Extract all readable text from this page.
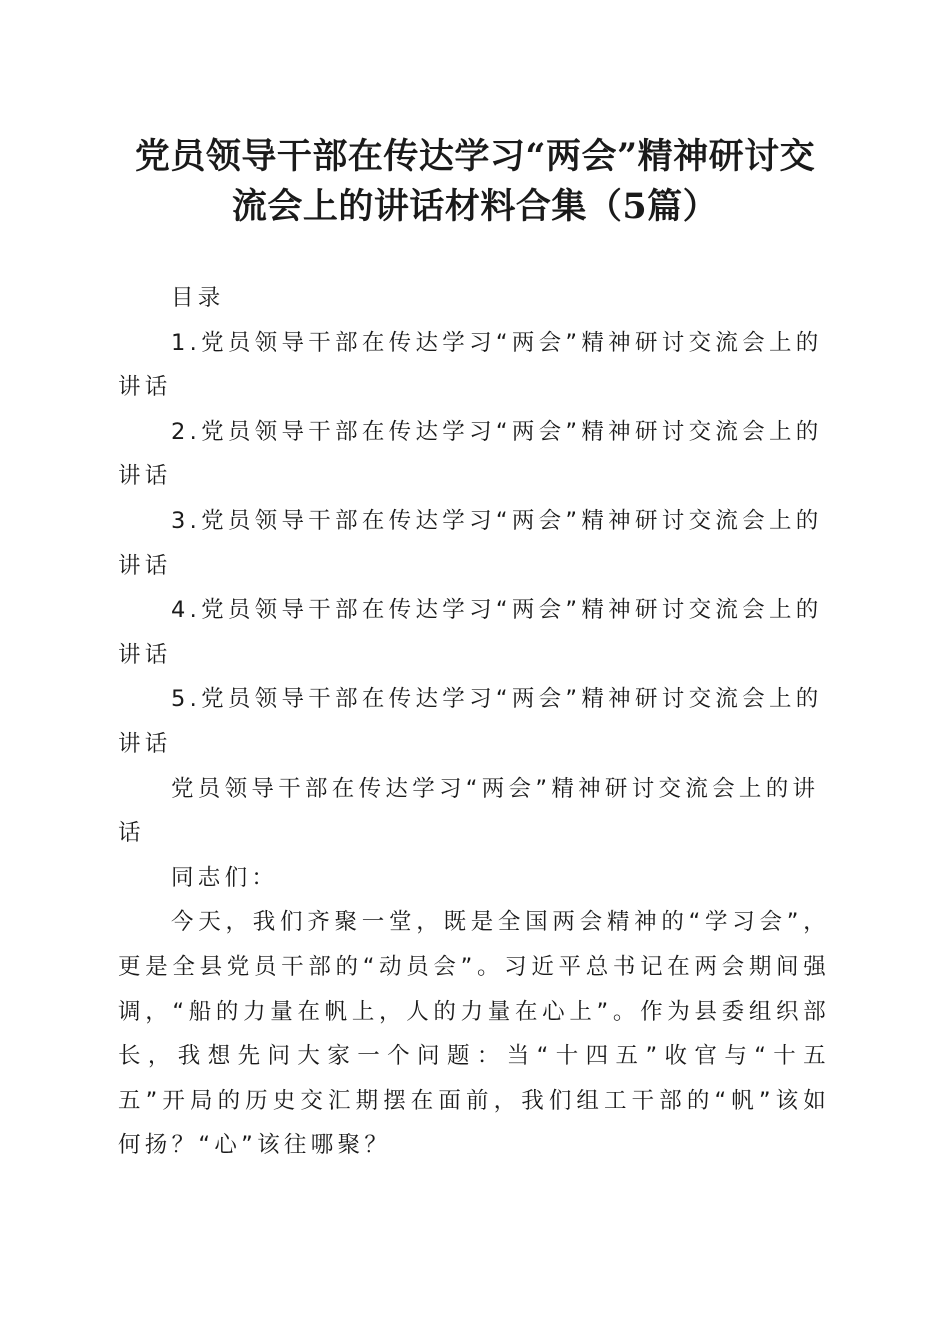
党员领导干部在传达学习“两会”精神研讨交
流会上的讲话材料合集（5篇）
目录
1.党员领导干部在传达学习“两会”精神研讨交流会上的
讲话
2.党员领导干部在传达学习“两会”精神研讨交流会上的
讲话
3.党员领导干部在传达学习“两会”精神研讨交流会上的
讲话
4.党员领导干部在传达学习“两会”精神研讨交流会上的
讲话
5.党员领导干部在传达学习“两会”精神研讨交流会上的
讲话
党员领导干部在传达学习“两会”精神研讨交流会上的讲
话
同志们：
今天，我们齐聚一堂，既是全国两会精神的“学习会”，
更是全县党员干部的“动员会”。习近平总书记在两会期间强
调，“船的力量在帆上，人的力量在心上”。作为县委组织部
长，我想先问大家一个问题：当“十四五”收官与“十五
五”开局的历史交汇期摆在面前，我们组工干部的“帆”该如
何扬？“心”该往哪聚？
